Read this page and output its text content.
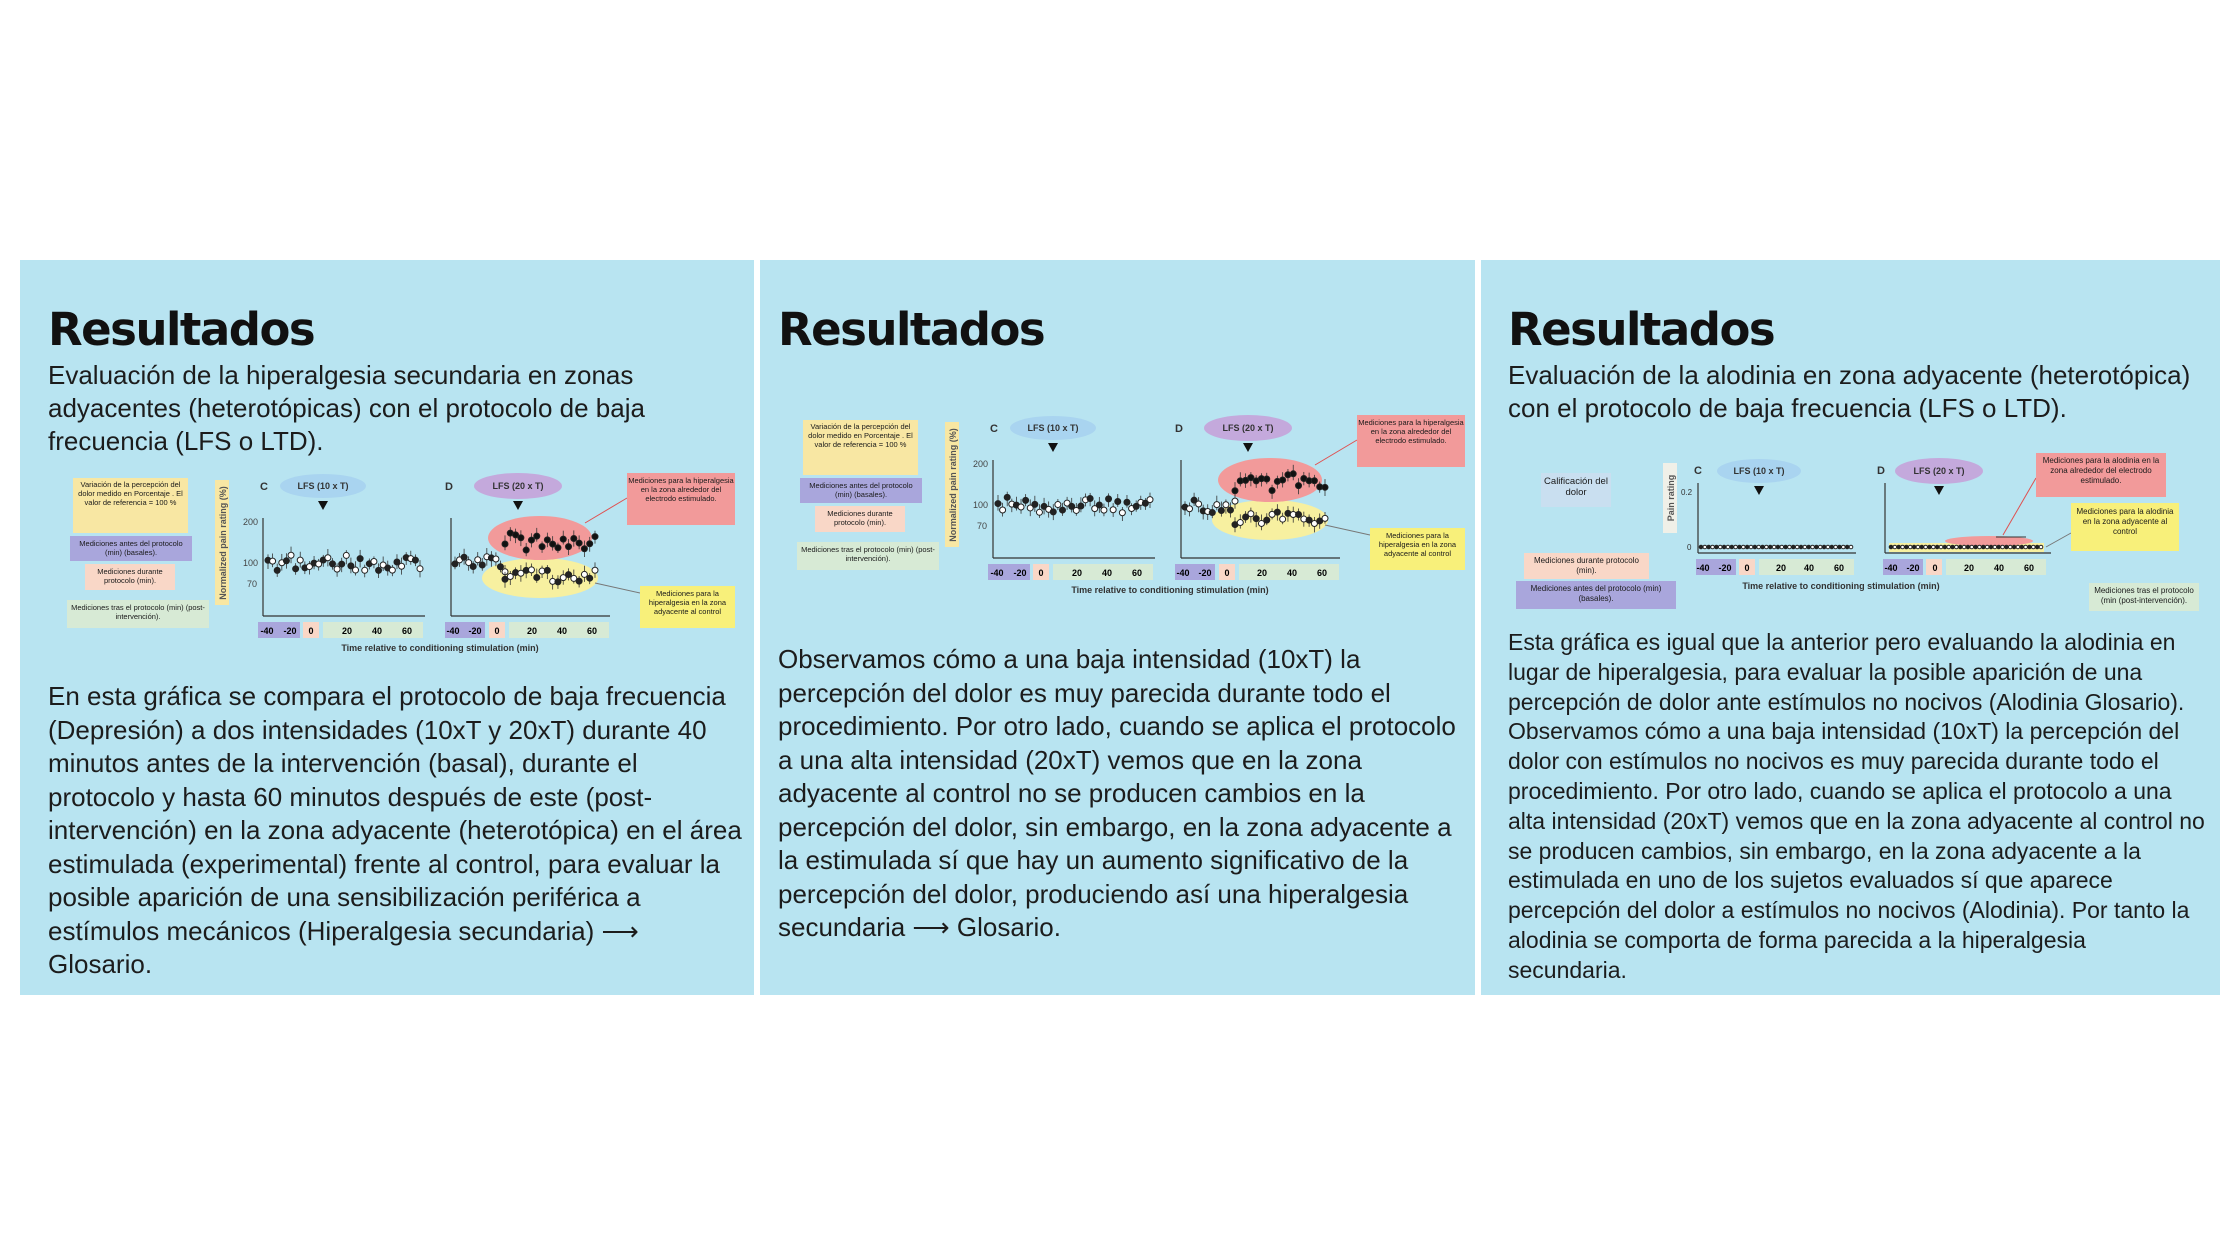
Resultados
Evaluación de la hiperalgesia secundaria en zonas adyacentes (heterotópicas) con el protocolo de baja frecuencia (LFS o LTD).
Variación de la percepción del dolor medido en Porcentaje . El valor de referencia = 100 %
Mediciones antes del protocolo (min) (basales).
Mediciones durante protocolo (min).
Mediciones tras el protocolo (min) (post-intervención).
Normalized pain rating (%) 200
100
70
C	LFS (10 x T)
-40 -20 0	20 40 60
D	LFS (20 x T)
-40 -20 0	20 40 60
Time relative to conditioning stimulation (min)
Mediciones para la hiperalgesia en la zona alrededor del electrodo estimulado.
Mediciones para la hiperalgesia en la zona adyacente al control
En esta gráfica se compara el protocolo de baja frecuencia (Depresión) a dos intensidades (10xT y 20xT) durante 40 minutos antes de la intervención (basal), durante el protocolo y hasta 60 minutos después de este (post-intervención) en la zona adyacente (heterotópica) en el área estimulada (experimental) frente al control, para evaluar la posible aparición de una sensibilización periférica a estímulos mecánicos (Hiperalgesia secundaria) ⟶ Glosario.
Resultados
Variación de la percepción del dolor medido en Porcentaje . El valor de referencia = 100 %
Mediciones antes del protocolo (min) (basales).
Mediciones durante protocolo (min).
Mediciones tras el protocolo (min) (post-intervención).
Normalized pain rating (%) 200
100
70
C	LFS (10 x T)
-40 -20 0	20 40 60
D	LFS (20 x T)
-40 -20 0	20 40 60
Time relative to conditioning stimulation (min)
Mediciones para la hiperalgesia en la zona alrededor del electrodo estimulado.
Mediciones para la hiperalgesia en la zona adyacente al control
Observamos cómo a una baja intensidad (10xT) la percepción del dolor es muy parecida durante todo el procedimiento. Por otro lado, cuando se aplica el protocolo a una alta intensidad (20xT) vemos que en la zona adyacente al control no se producen cambios en la percepción del dolor, sin embargo, en la zona adyacente a la estimulada sí que hay un aumento significativo de la percepción del dolor, produciendo así una hiperalgesia secundaria ⟶ Glosario.
Resultados
Evaluación de la alodinia en zona adyacente (heterotópica) con el protocolo de baja frecuencia (LFS o LTD).
Calificación del dolor
Mediciones durante protocolo (min).
Mediciones antes del protocolo (min) (basales).
Pain rating 0.2
0
C	LFS (10 x T)
-40 -20 0	20 40 60
D	LFS (20 x T)
-40 -20 0	20 40 60
Time relative to conditioning stimulation (min)
Mediciones para la alodinia en la zona alrededor del electrodo estimulado.
Mediciones para la alodinia en la zona adyacente al control
Mediciones tras el protocolo (min (post-intervención).
Esta gráfica es igual que la anterior pero evaluando la alodinia en lugar de hiperalgesia, para evaluar la posible aparición de una percepción de dolor ante estímulos no nocivos (Alodinia Glosario). Observamos cómo a una baja intensidad (10xT) la percepción del dolor con estímulos no nocivos es muy parecida durante todo el procedimiento. Por otro lado, cuando se aplica el protocolo a una alta intensidad (20xT) vemos que en la zona adyacente al control no se producen cambios, sin embargo, en la zona adyacente a la estimulada en uno de los sujetos evaluados sí que aparece percepción del dolor a estímulos no nocivos (Alodinia). Por tanto la alodinia se comporta de forma parecida a la hiperalgesia secundaria.
